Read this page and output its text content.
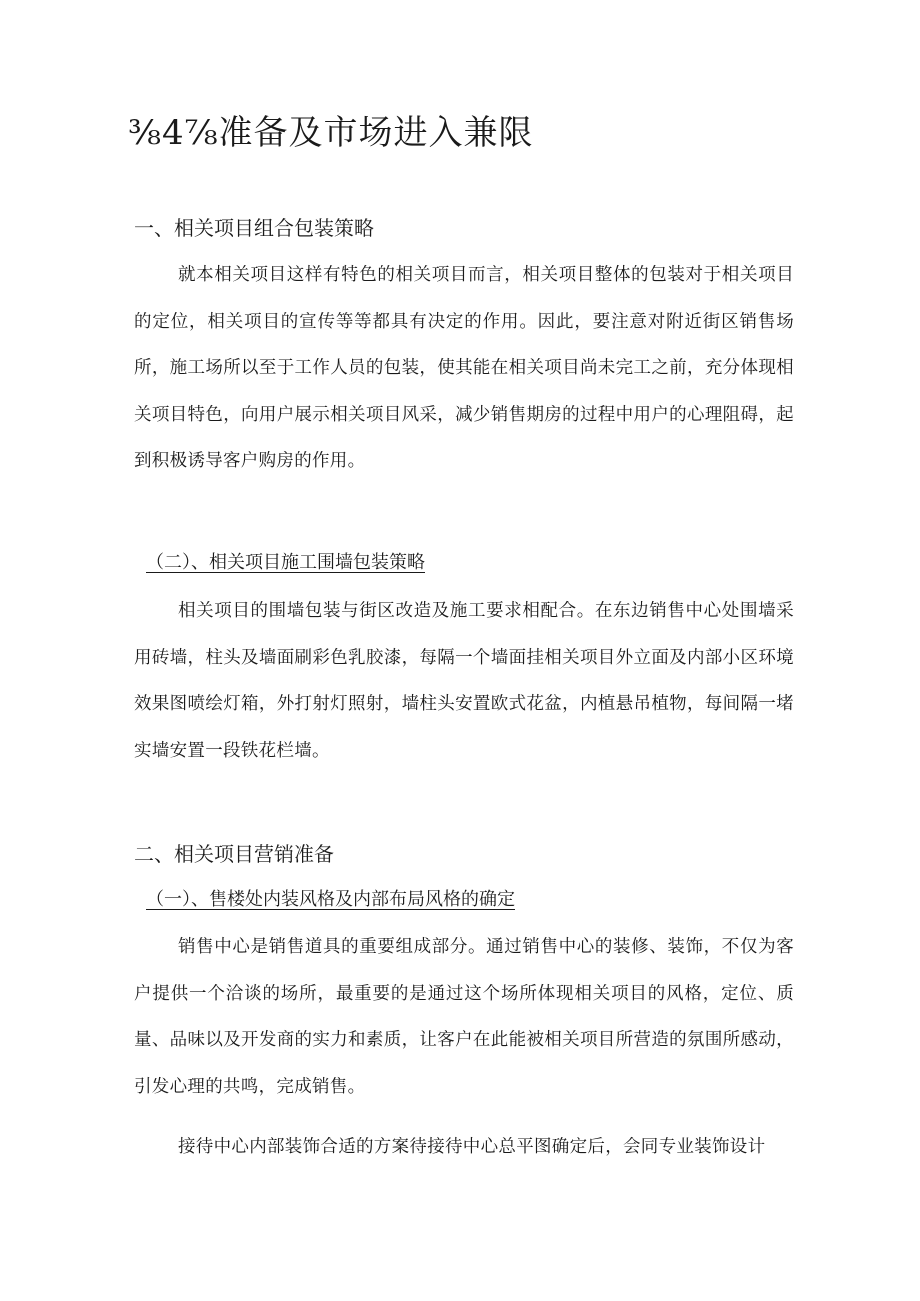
⅜4⅞准备及市场进入兼限
一、相关项目组合包装策略

就本相关项目这样有特色的相关项目而言，相关项目整体的包装对于相关项目的定位，相关项目的宣传等等都具有决定的作用。因此，要注意对附近街区销售场所，施工场所以至于工作人员的包装，使其能在相关项目尚未完工之前，充分体现相关项目特色，向用户展示相关项目风采，减少销售期房的过程中用户的心理阻碍，起到积极诱导客户购房的作用。

（二）、相关项目施工围墙包装策略

相关项目的围墙包装与街区改造及施工要求相配合。在东边销售中心处围墙采用砖墙，柱头及墙面刷彩色乳胶漆，每隔一个墙面挂相关项目外立面及内部小区环境效果图喷绘灯箱，外打射灯照射，墙柱头安置欧式花盆，内植悬吊植物，每间隔一堵实墙安置一段铁花栏墙。

二、相关项目营销准备
（一）、售楼处内装风格及内部布局风格的确定

销售中心是销售道具的重要组成部分。通过销售中心的装修、装饰，不仅为客户提供一个洽谈的场所，最重要的是通过这个场所体现相关项目的风格，定位、质量、品味以及开发商的实力和素质，让客户在此能被相关项目所营造的氛围所感动，引发心理的共鸣，完成销售。

接待中心内部装饰合适的方案待接待中心总平图确定后，会同专业装饰设计
